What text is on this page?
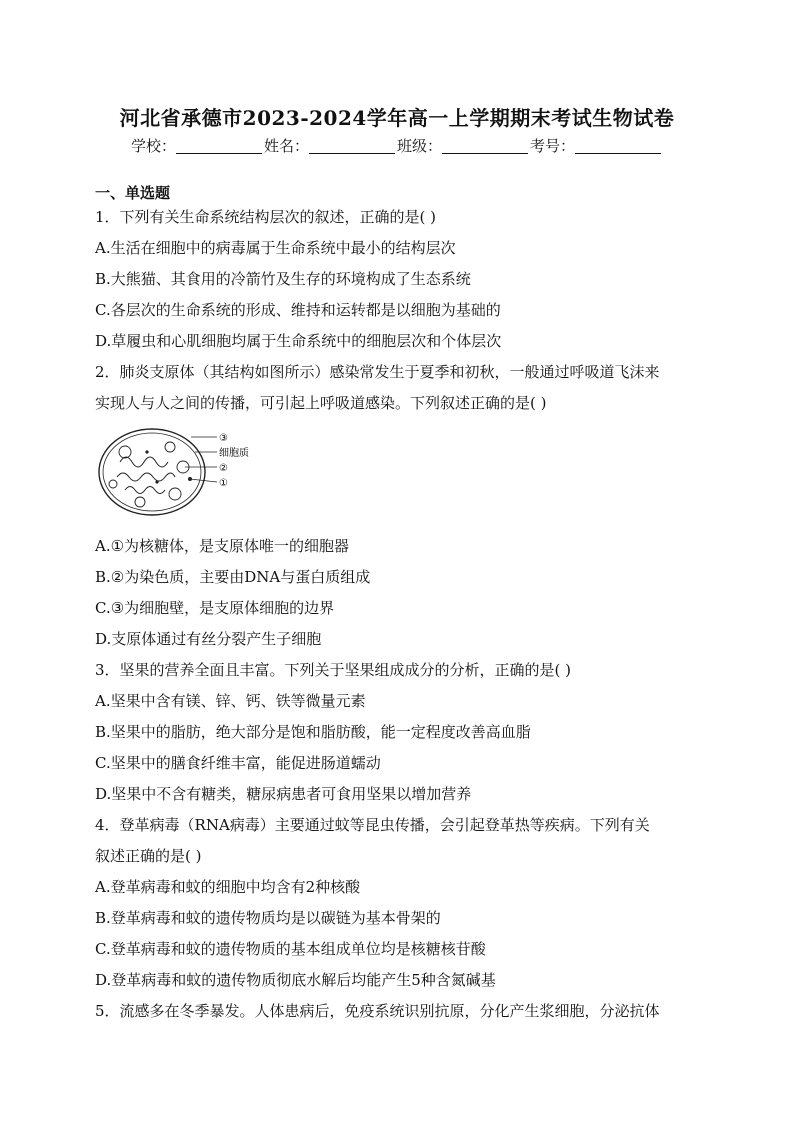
河北省承德市2023-2024学年高一上学期期末考试生物试卷
学校：	姓名：	班级：	考号：
一、单选题
1．下列有关生命系统结构层次的叙述，正确的是( )
A.生活在细胞中的病毒属于生命系统中最小的结构层次
B.大熊猫、其食用的冷箭竹及生存的环境构成了生态系统
C.各层次的生命系统的形成、维持和运转都是以细胞为基础的
D.草履虫和心肌细胞均属于生命系统中的细胞层次和个体层次
2．肺炎支原体（其结构如图所示）感染常发生于夏季和初秋，一般通过呼吸道飞沫来
实现人与人之间的传播，可引起上呼吸道感染。下列叙述正确的是( )
③
细胞质
②
①
A.①为核糖体，是支原体唯一的细胞器
B.②为染色质，主要由DNA与蛋白质组成
C.③为细胞壁，是支原体细胞的边界
D.支原体通过有丝分裂产生子细胞
3．坚果的营养全面且丰富。下列关于坚果组成成分的分析，正确的是( )
A.坚果中含有镁、锌、钙、铁等微量元素
B.坚果中的脂肪，绝大部分是饱和脂肪酸，能一定程度改善高血脂
C.坚果中的膳食纤维丰富，能促进肠道蠕动
D.坚果中不含有糖类，糖尿病患者可食用坚果以增加营养
4．登革病毒（RNA病毒）主要通过蚊等昆虫传播，会引起登革热等疾病。下列有关
叙述正确的是( )
A.登革病毒和蚊的细胞中均含有2种核酸
B.登革病毒和蚊的遗传物质均是以碳链为基本骨架的
C.登革病毒和蚊的遗传物质的基本组成单位均是核糖核苷酸
D.登革病毒和蚊的遗传物质彻底水解后均能产生5种含氮碱基
5．流感多在冬季暴发。人体患病后，免疫系统识别抗原，分化产生浆细胞，分泌抗体
